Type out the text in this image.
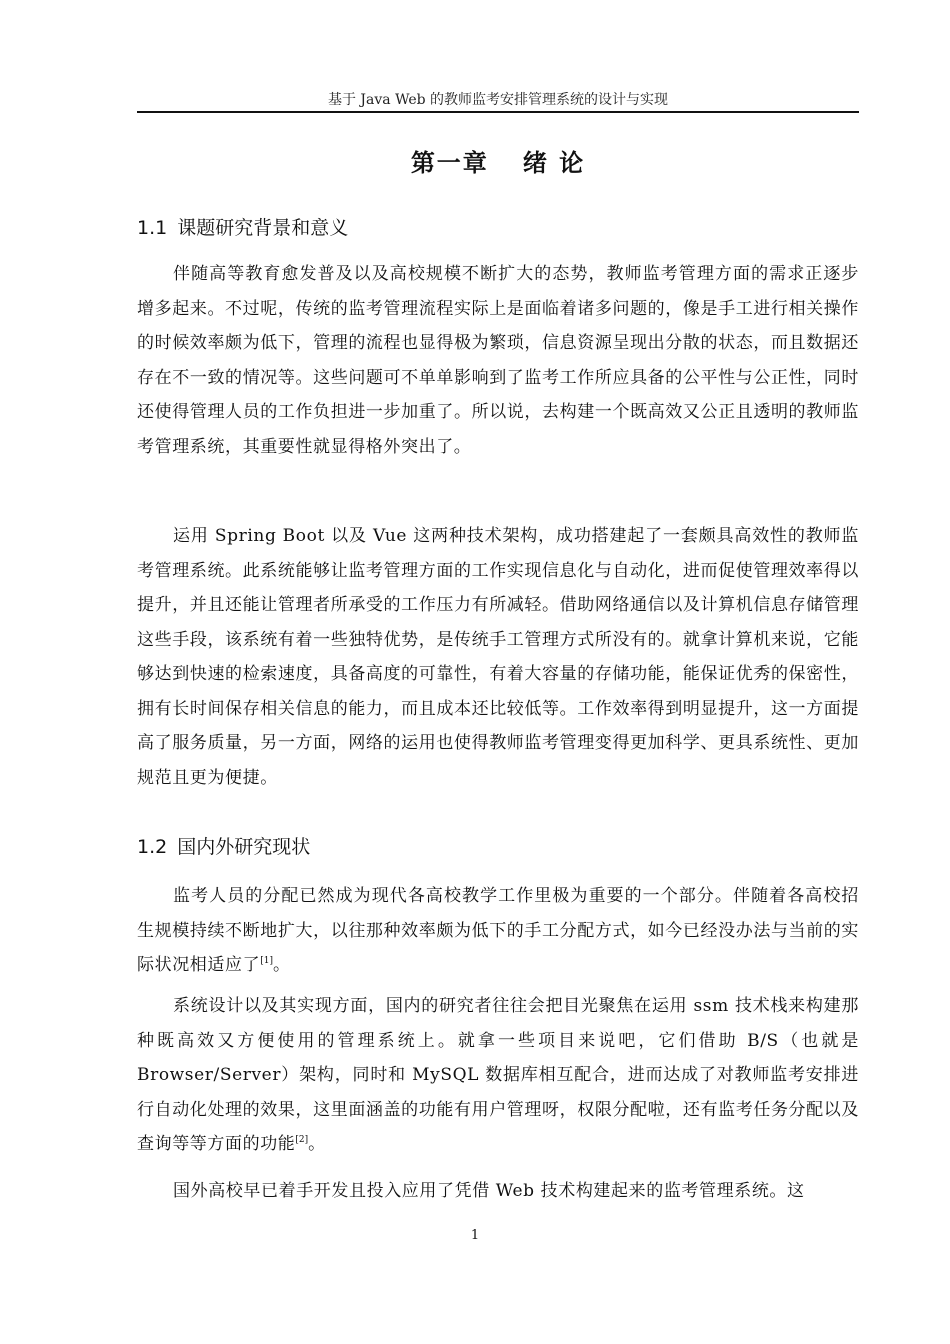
基于 Java Web 的教师监考安排管理系统的设计与实现
第一章 绪 论
1.1 课题研究背景和意义

伴随高等教育愈发普及以及高校规模不断扩大的态势，教师监考管理方面的需求正逐步增多起来。不过呢，传统的监考管理流程实际上是面临着诸多问题的，像是手工进行相关操作的时候效率颇为低下，管理的流程也显得极为繁琐，信息资源呈现出分散的状态，而且数据还存在不一致的情况等。这些问题可不单单影响到了监考工作所应具备的公平性与公正性，同时还使得管理人员的工作负担进一步加重了。所以说，去构建一个既高效又公正且透明的教师监考管理系统，其重要性就显得格外突出了。

运用 Spring Boot 以及 Vue 这两种技术架构，成功搭建起了一套颇具高效性的教师监考管理系统。此系统能够让监考管理方面的工作实现信息化与自动化，进而促使管理效率得以提升，并且还能让管理者所承受的工作压力有所减轻。借助网络通信以及计算机信息存储管理这些手段，该系统有着一些独特优势，是传统手工管理方式所没有的。就拿计算机来说，它能够达到快速的检索速度，具备高度的可靠性，有着大容量的存储功能，能保证优秀的保密性，拥有长时间保存相关信息的能力，而且成本还比较低等。工作效率得到明显提升，这一方面提高了服务质量，另一方面，网络的运用也使得教师监考管理变得更加科学、更具系统性、更加规范且更为便捷。

1.2 国内外研究现状

监考人员的分配已然成为现代各高校教学工作里极为重要的一个部分。伴随着各高校招生规模持续不断地扩大，以往那种效率颇为低下的手工分配方式，如今已经没办法与当前的实际状况相适应了[1]。

系统设计以及其实现方面，国内的研究者往往会把目光聚焦在运用 ssm 技术栈来构建那种既高效又方便使用的管理系统上。就拿一些项目来说吧，它们借助 B/S（也就是 Browser/Server）架构，同时和 MySQL 数据库相互配合，进而达成了对教师监考安排进行自动化处理的效果，这里面涵盖的功能有用户管理呀，权限分配啦，还有监考任务分配以及查询等等方面的功能[2]。

国外高校早已着手开发且投入应用了凭借 Web 技术构建起来的监考管理系统。这

1
